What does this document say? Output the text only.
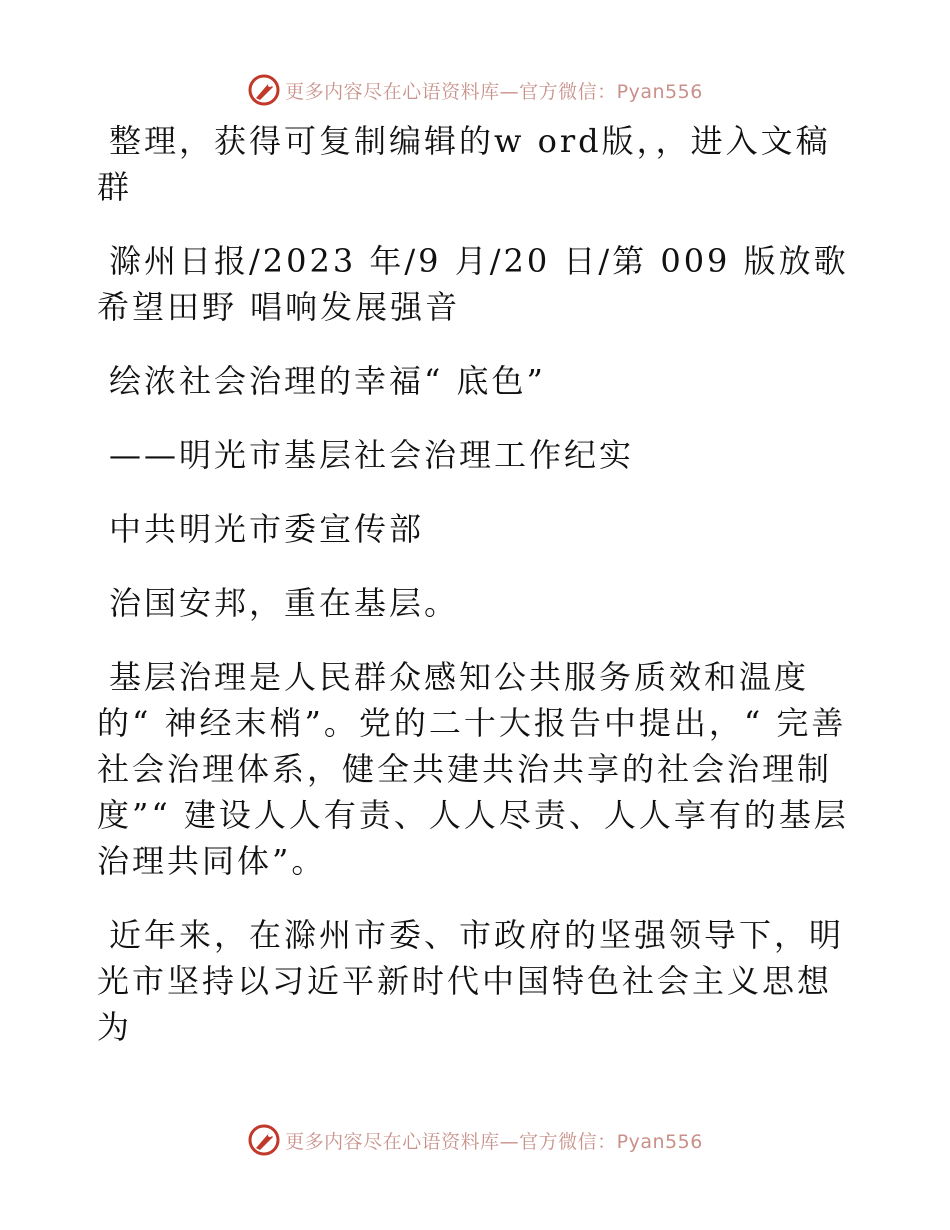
更多内容尽在心语资料库—官方微信：Pyan556

整理，获得可复制编辑的w ord版，，进入文稿群

滁州日报/2023 年/9 月/20 日/第 009 版放歌希望田野 唱响发展强音

绘浓社会治理的幸福“ 底色”

——明光市基层社会治理工作纪实

中共明光市委宣传部

治国安邦，重在基层。

基层治理是人民群众感知公共服务质效和温度的“ 神经末梢”。党的二十大报告中提出，“ 完善社会治理体系，健全共建共治共享的社会治理制度”“ 建设人人有责、人人尽责、人人享有的基层治理共同体”。

近年来，在滁州市委、市政府的坚强领导下，明光市坚持以习近平新时代中国特色社会主义思想为

更多内容尽在心语资料库—官方微信：Pyan556
